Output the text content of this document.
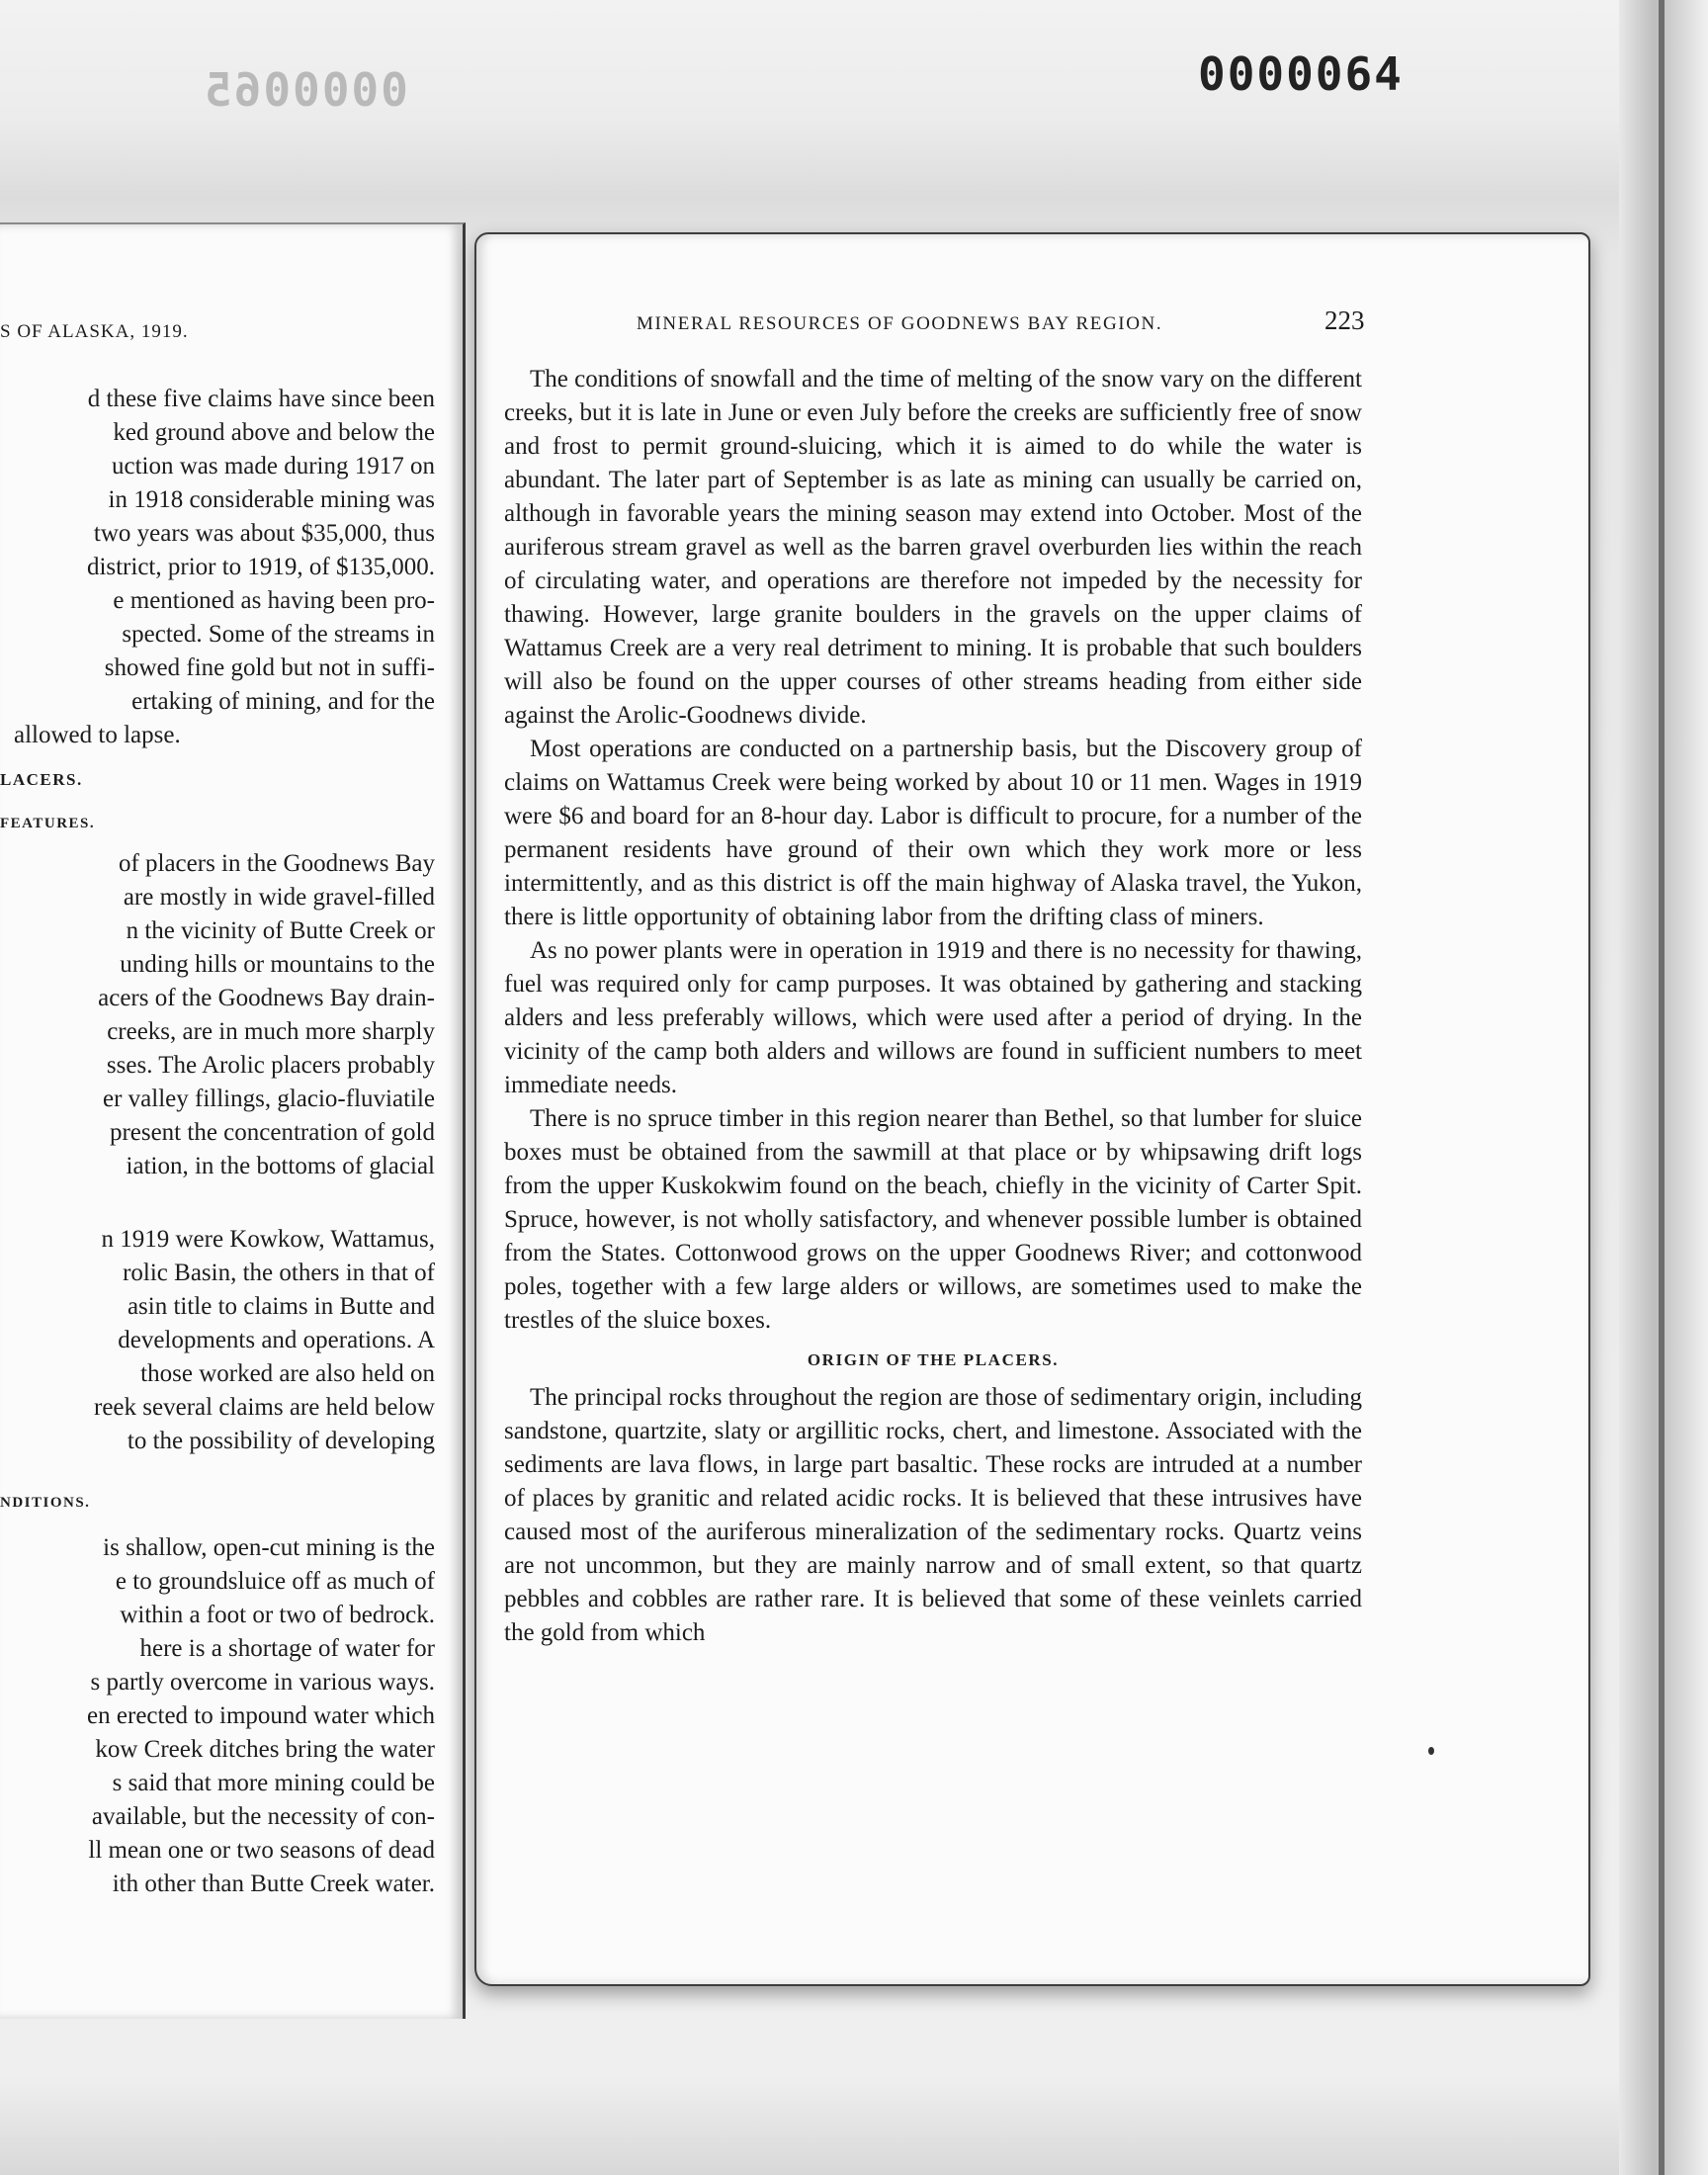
0000065	0000064
S OF ALASKA, 1919.
d these five claims have since been
ked ground above and below the
uction was made during 1917 on
in 1918 considerable mining was
two years was about $35,000, thus
district, prior to 1919, of $135,000.
e mentioned as having been pro-
spected. Some of the streams in
showed fine gold but not in suffi-
ertaking of mining, and for the
allowed to lapse.
LACERS.
FEATURES.
of placers in the Goodnews Bay
are mostly in wide gravel-filled
n the vicinity of Butte Creek or
unding hills or mountains to the
acers of the Goodnews Bay drain-
creeks, are in much more sharply
sses. The Arolic placers probably
er valley fillings, glacio-fluviatile
present the concentration of gold
iation, in the bottoms of glacial
n 1919 were Kowkow, Wattamus,
rolic Basin, the others in that of
asin title to claims in Butte and
developments and operations. A
those worked are also held on
reek several claims are held below
to the possibility of developing
NDITIONS.
is shallow, open-cut mining is the
e to groundsluice off as much of
within a foot or two of bedrock.
here is a shortage of water for
s partly overcome in various ways.
en erected to impound water which
kow Creek ditches bring the water
s said that more mining could be
available, but the necessity of con-
ll mean one or two seasons of dead
ith other than Butte Creek water.
MINERAL RESOURCES OF GOODNEWS BAY REGION.	223

The conditions of snowfall and the time of melting of the snow vary on the different creeks, but it is late in June or even July before the creeks are sufficiently free of snow and frost to permit ground-sluicing, which it is aimed to do while the water is abundant. The later part of September is as late as mining can usually be carried on, although in favorable years the mining season may extend into October. Most of the auriferous stream gravel as well as the barren gravel overburden lies within the reach of circulating water, and operations are therefore not impeded by the necessity for thawing. However, large granite boulders in the gravels on the upper claims of Wattamus Creek are a very real detriment to mining. It is probable that such boulders will also be found on the upper courses of other streams heading from either side against the Arolic-Goodnews divide.

Most operations are conducted on a partnership basis, but the Discovery group of claims on Wattamus Creek were being worked by about 10 or 11 men. Wages in 1919 were $6 and board for an 8-hour day. Labor is difficult to procure, for a number of the permanent residents have ground of their own which they work more or less intermittently, and as this district is off the main highway of Alaska travel, the Yukon, there is little opportunity of obtaining labor from the drifting class of miners.

As no power plants were in operation in 1919 and there is no necessity for thawing, fuel was required only for camp purposes. It was obtained by gathering and stacking alders and less preferably willows, which were used after a period of drying. In the vicinity of the camp both alders and willows are found in sufficient numbers to meet immediate needs.

There is no spruce timber in this region nearer than Bethel, so that lumber for sluice boxes must be obtained from the sawmill at that place or by whipsawing drift logs from the upper Kuskokwim found on the beach, chiefly in the vicinity of Carter Spit. Spruce, however, is not wholly satisfactory, and whenever possible lumber is obtained from the States. Cottonwood grows on the upper Goodnews River; and cottonwood poles, together with a few large alders or willows, are sometimes used to make the trestles of the sluice boxes.

ORIGIN OF THE PLACERS.

The principal rocks throughout the region are those of sedimentary origin, including sandstone, quartzite, slaty or argillitic rocks, chert, and limestone. Associated with the sediments are lava flows, in large part basaltic. These rocks are intruded at a number of places by granitic and related acidic rocks. It is believed that these intrusives have caused most of the auriferous mineralization of the sedimentary rocks. Quartz veins are not uncommon, but they are mainly narrow and of small extent, so that quartz pebbles and cobbles are rather rare. It is believed that some of these veinlets carried the gold from which
